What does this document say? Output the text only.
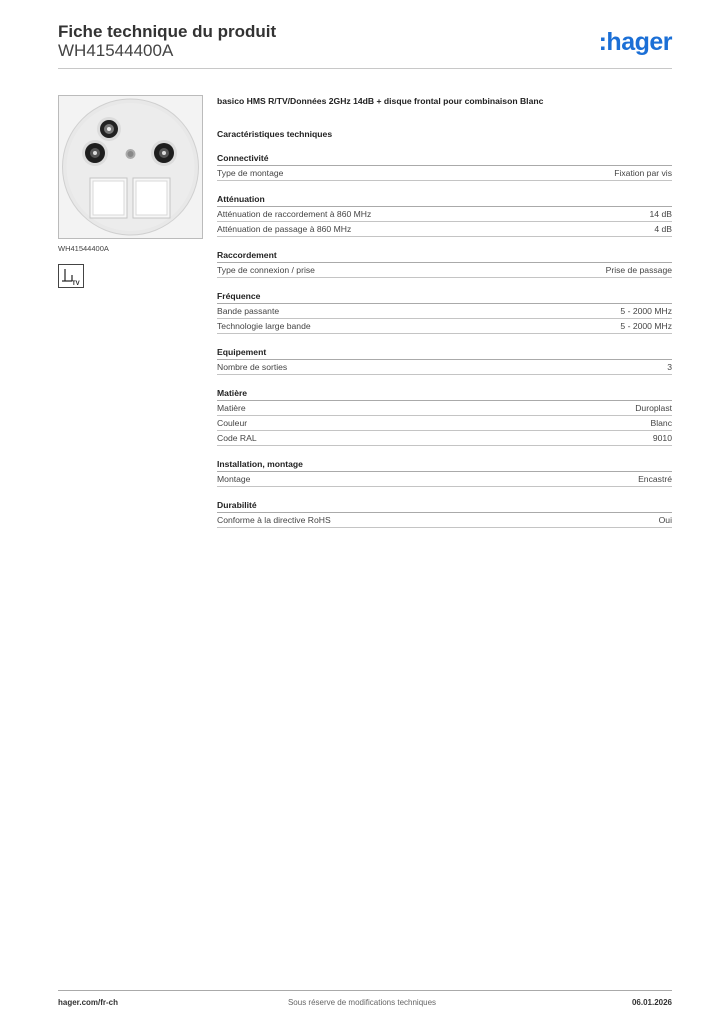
Fiche technique du produit
WH41544400A	:hager
WH41544400A
TV
basico HMS R/TV/Données 2GHz 14dB + disque frontal pour combinaison Blanc
Caractéristiques techniques
Connectivité
Type de montage	Fixation par vis
Atténuation
Atténuation de raccordement à 860 MHz	14 dB
Atténuation de passage à 860 MHz	4 dB
Raccordement
Type de connexion / prise	Prise de passage
Fréquence
Bande passante	5 - 2000 MHz
Technologie large bande	5 - 2000 MHz
Equipement
Nombre de sorties	3
Matière
Matière	Duroplast
Couleur	Blanc
Code RAL	9010
Installation, montage
Montage	Encastré
Durabilité
Conforme à la directive RoHS	Oui
hager.com/fr-ch	Sous réserve de modifications techniques	06.01.2026
